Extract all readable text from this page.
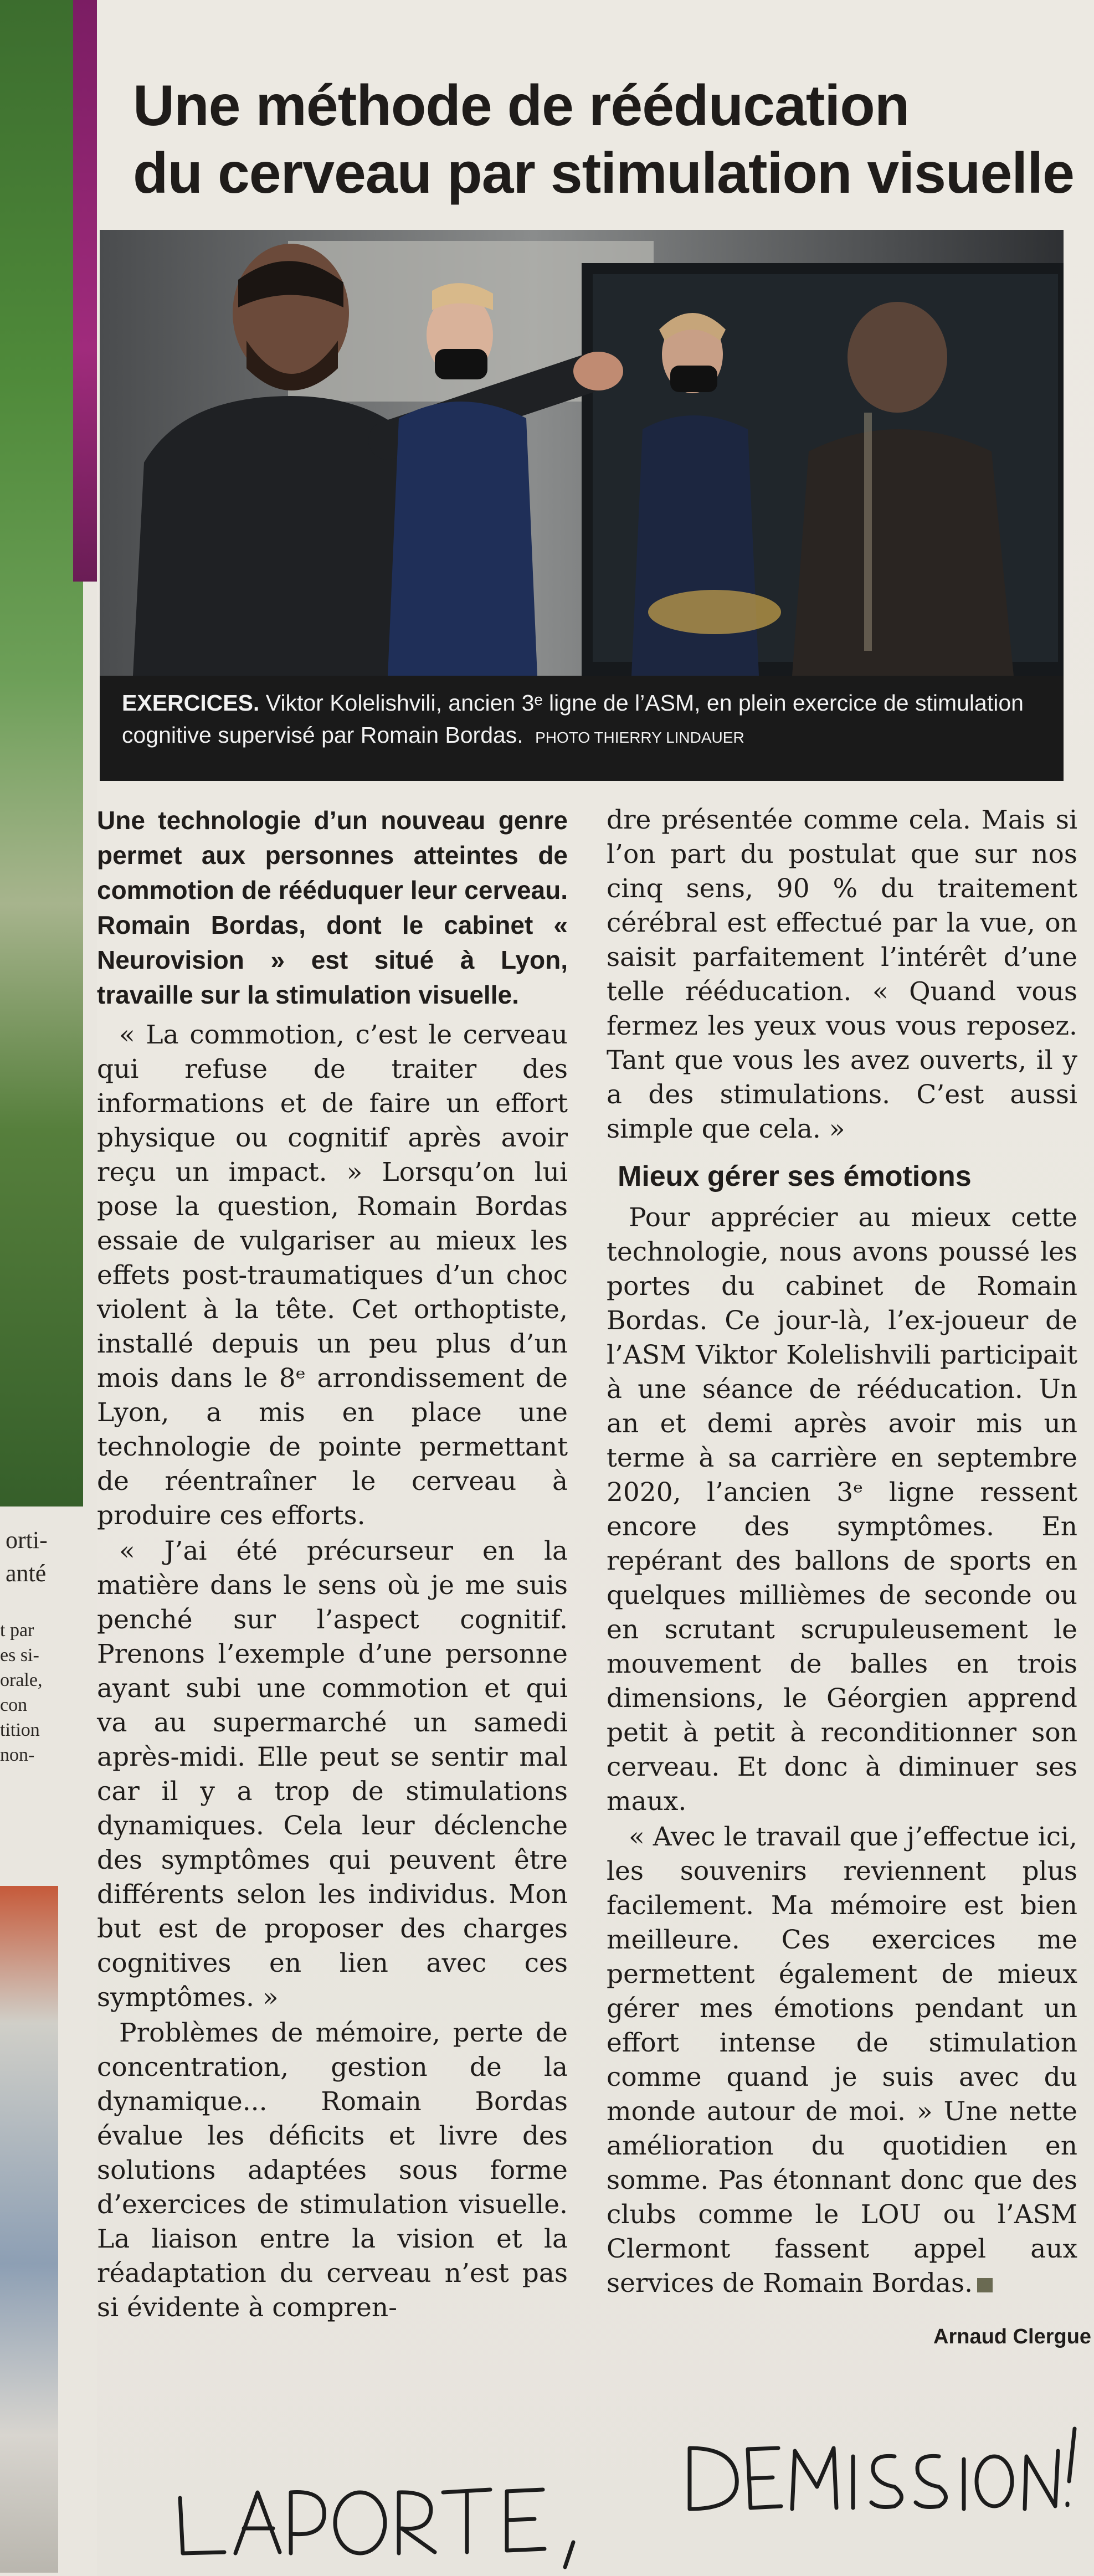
orti-
anté
t par
es si-
orale,
con
tition
non-
Une méthode de rééducation
du cerveau par stimulation visuelle
EXERCICES. Viktor Kolelishvili, ancien 3ᵉ ligne de l’ASM, en plein exercice de stimulation cognitive supervisé par Romain Bordas. PHOTO THIERRY LINDAUER

Une technologie d’un nouveau genre permet aux personnes atteintes de commotion de rééduquer leur cerveau. Romain Bordas, dont le cabinet « Neurovision » est situé à Lyon, travaille sur la stimulation visuelle.

« La commotion, c’est le cerveau qui refuse de traiter des informations et de faire un effort physique ou cognitif après avoir reçu un impact. » Lorsqu’on lui pose la question, Romain Bordas essaie de vulgariser au mieux les effets post-traumatiques d’un choc violent à la tête. Cet orthoptiste, installé depuis un peu plus d’un mois dans le 8ᵉ arrondissement de Lyon, a mis en place une technologie de pointe permettant de réentraîner le cerveau à produire ces efforts.

« J’ai été précurseur en la matière dans le sens où je me suis penché sur l’aspect cognitif. Prenons l’exemple d’une personne ayant subi une commotion et qui va au supermarché un samedi après-midi. Elle peut se sentir mal car il y a trop de stimulations dynamiques. Cela leur déclenche des symptômes qui peuvent être différents selon les individus. Mon but est de proposer des charges cognitives en lien avec ces symptômes. »

Problèmes de mémoire, perte de concentration, gestion de la dynamique... Romain Bordas évalue les déficits et livre des solutions adaptées sous forme d’exercices de stimulation visuelle. La liaison entre la vision et la réadaptation du cerveau n’est pas si évidente à compren-

dre présentée comme cela. Mais si l’on part du postulat que sur nos cinq sens, 90 % du traitement cérébral est effectué par la vue, on saisit parfaitement l’intérêt d’une telle rééducation. « Quand vous fermez les yeux vous vous reposez. Tant que vous les avez ouverts, il y a des stimulations. C’est aussi simple que cela. »

Mieux gérer ses émotions

Pour apprécier au mieux cette technologie, nous avons poussé les portes du cabinet de Romain Bordas. Ce jour-là, l’ex-joueur de l’ASM Viktor Kolelishvili participait à une séance de rééducation. Un an et demi après avoir mis un terme à sa carrière en septembre 2020, l’ancien 3ᵉ ligne ressent encore des symptômes. En repérant des ballons de sports en quelques millièmes de seconde ou en scrutant scrupuleusement le mouvement de balles en trois dimensions, le Géorgien apprend petit à petit à reconditionner son cerveau. Et donc à diminuer ses maux.

« Avec le travail que j’effectue ici, les souvenirs reviennent plus facilement. Ma mémoire est bien meilleure. Ces exercices me permettent également de mieux gérer mes émotions pendant un effort intense de stimulation comme quand je suis avec du monde autour de moi. » Une nette amélioration du quotidien en somme. Pas étonnant donc que des clubs comme le LOU ou l’ASM Clermont fassent appel aux services de Romain Bordas.

Arnaud Clergue
